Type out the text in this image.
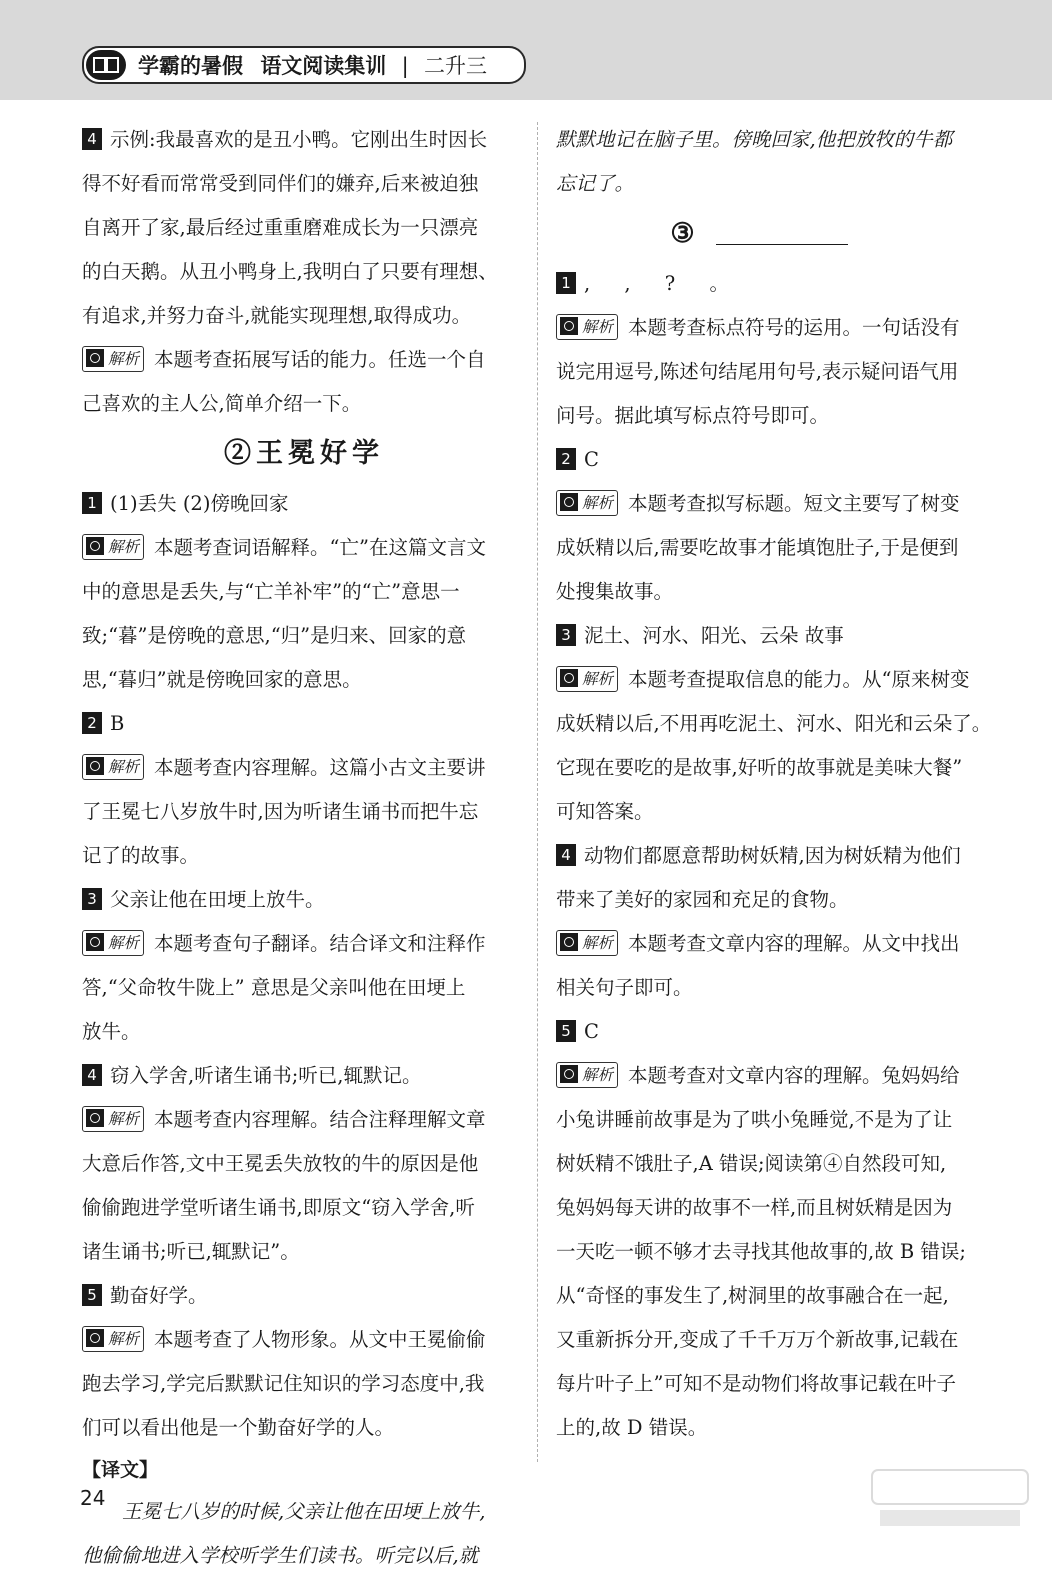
学霸的暑假 语文阅读集训 | 二升三
4 示例:我最喜欢的是丑小鸭。它刚出生时因长
得不好看而常常受到同伴们的嫌弃,后来被迫独
自离开了家,最后经过重重磨难成长为一只漂亮
的白天鹅。从丑小鸭身上,我明白了只要有理想、
有追求,并努力奋斗,就能实现理想,取得成功。
解析 本题考查拓展写话的能力。任选一个自
己喜欢的主人公,简单介绍一下。
②王冕好学
1 (1)丢失 (2)傍晚回家
解析 本题考查词语解释。“亡”在这篇文言文
中的意思是丢失,与“亡羊补牢”的“亡”意思一
致;“暮”是傍晚的意思,“归”是归来、回家的意
思,“暮归”就是傍晚回家的意思。
2 B
解析 本题考查内容理解。这篇小古文主要讲
了王冕七八岁放牛时,因为听诸生诵书而把牛忘
记了的故事。
3 父亲让他在田埂上放牛。
解析 本题考查句子翻译。结合译文和注释作
答,“父命牧牛陇上” 意思是父亲叫他在田埂上
放牛。
4 窃入学舍,听诸生诵书;听已,辄默记。
解析 本题考查内容理解。结合注释理解文章
大意后作答,文中王冕丢失放牧的牛的原因是他
偷偷跑进学堂听诸生诵书,即原文“窃入学舍,听
诸生诵书;听已,辄默记”。
5 勤奋好学。
解析 本题考查了人物形象。从文中王冕偷偷
跑去学习,学完后默默记住知识的学习态度中,我
们可以看出他是一个勤奋好学的人。
【译文】
王冕七八岁的时候,父亲让他在田埂上放牛,
他偷偷地进入学校听学生们读书。听完以后,就
默默地记在脑子里。傍晚回家,他把放牧的牛都
忘记了。
③
1 , , ? 。
解析 本题考查标点符号的运用。一句话没有
说完用逗号,陈述句结尾用句号,表示疑问语气用
问号。据此填写标点符号即可。
2 C
解析 本题考查拟写标题。短文主要写了树变
成妖精以后,需要吃故事才能填饱肚子,于是便到
处搜集故事。
3 泥土、河水、阳光、云朵 故事
解析 本题考查提取信息的能力。从“原来树变
成妖精以后,不用再吃泥土、河水、阳光和云朵了。
它现在要吃的是故事,好听的故事就是美味大餐”
可知答案。
4 动物们都愿意帮助树妖精,因为树妖精为他们
带来了美好的家园和充足的食物。
解析 本题考查文章内容的理解。从文中找出
相关句子即可。
5 C
解析 本题考查对文章内容的理解。兔妈妈给
小兔讲睡前故事是为了哄小兔睡觉,不是为了让
树妖精不饿肚子,A 错误;阅读第④自然段可知,
兔妈妈每天讲的故事不一样,而且树妖精是因为
一天吃一顿不够才去寻找其他故事的,故 B 错误;
从“奇怪的事发生了,树洞里的故事融合在一起,
又重新拆分开,变成了千千万万个新故事,记载在
每片叶子上”可知不是动物们将故事记载在叶子
上的,故 D 错误。
24
